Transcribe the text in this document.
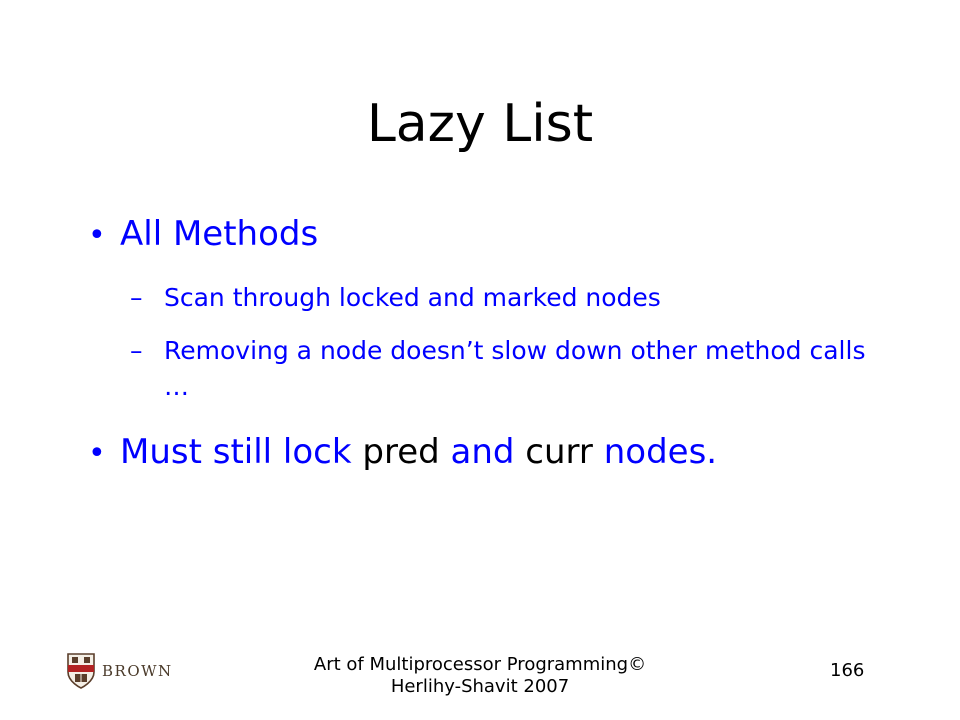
Lazy List
• All Methods
– Scan through locked and marked nodes
– Removing a node doesn’t slow down other method calls …
• Must still lock pred and curr nodes.
BROWN	Art of Multiprocessor Programming© Herlihy-Shavit 2007
166
